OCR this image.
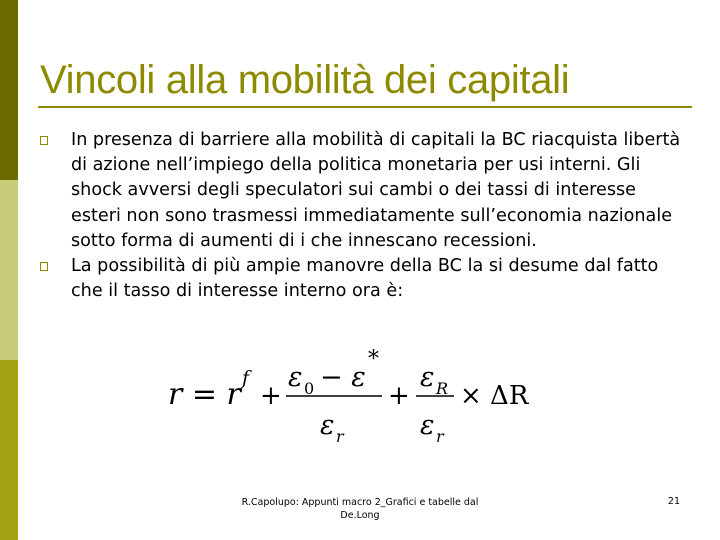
Vincoli alla mobilità dei capitali
In presenza di barriere alla mobilità di capitali la BC riacquista libertà di azione nell’impiego della politica monetaria per usi interni. Gli shock avversi degli speculatori sui cambi o dei tassi di interesse esteri non sono trasmessi immediatamente sull’economia nazionale sotto forma di aumenti di i che innescano recessioni.
La possibilità di più ampie manovre della BC la si desume dal fatto che il tasso di interesse interno ora è:
r = r f
+
ε 0 − ε
*
ε r
+
ε R
ε r
× ΔR
R.Capolupo: Appunti macro 2_Grafici e tabelle dal De.Long
21
